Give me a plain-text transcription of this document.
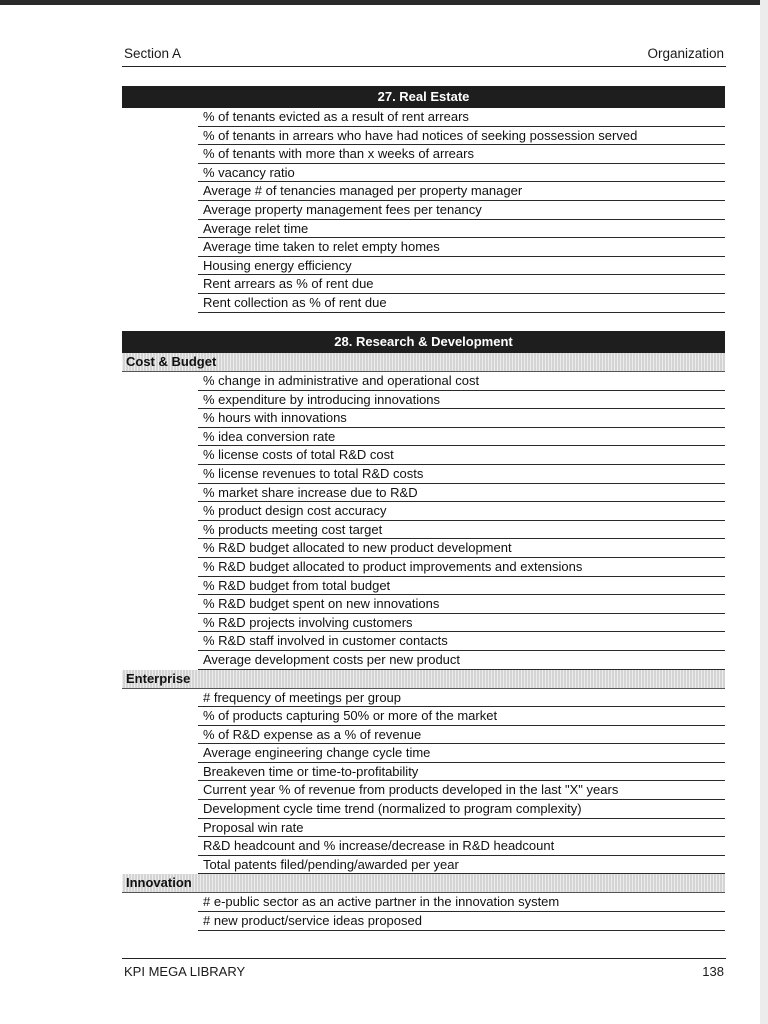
Section A	Organization
27. Real Estate
% of tenants evicted as a result of rent arrears
% of tenants in arrears who have had notices of seeking possession served
% of tenants with more than x weeks of arrears
% vacancy ratio
Average # of tenancies managed per property manager
Average property management fees per tenancy
Average relet time
Average time taken to relet empty homes
Housing energy efficiency
Rent arrears as % of rent due
Rent collection as % of rent due
28. Research & Development
Cost & Budget
% change in administrative and operational cost
% expenditure by introducing innovations
% hours with innovations
% idea conversion rate
% license costs of total R&D cost
% license revenues to total R&D costs
% market share increase due to R&D
% product design cost accuracy
% products meeting cost target
% R&D budget allocated to new product development
% R&D budget allocated to product improvements and extensions
% R&D budget from total budget
% R&D budget spent on new innovations
% R&D projects involving customers
% R&D staff involved in customer contacts
Average development costs per new product
Enterprise
# frequency of meetings per group
% of products capturing 50% or more of the market
% of R&D expense as a % of revenue
Average engineering change cycle time
Breakeven time or time-to-profitability
Current year % of revenue from products developed in the last "X" years
Development cycle time trend (normalized to program complexity)
Proposal win rate
R&D headcount and % increase/decrease in R&D headcount
Total patents filed/pending/awarded per year
Innovation
# e-public sector as an active partner in the innovation system
# new product/service ideas proposed
KPI MEGA LIBRARY	138
